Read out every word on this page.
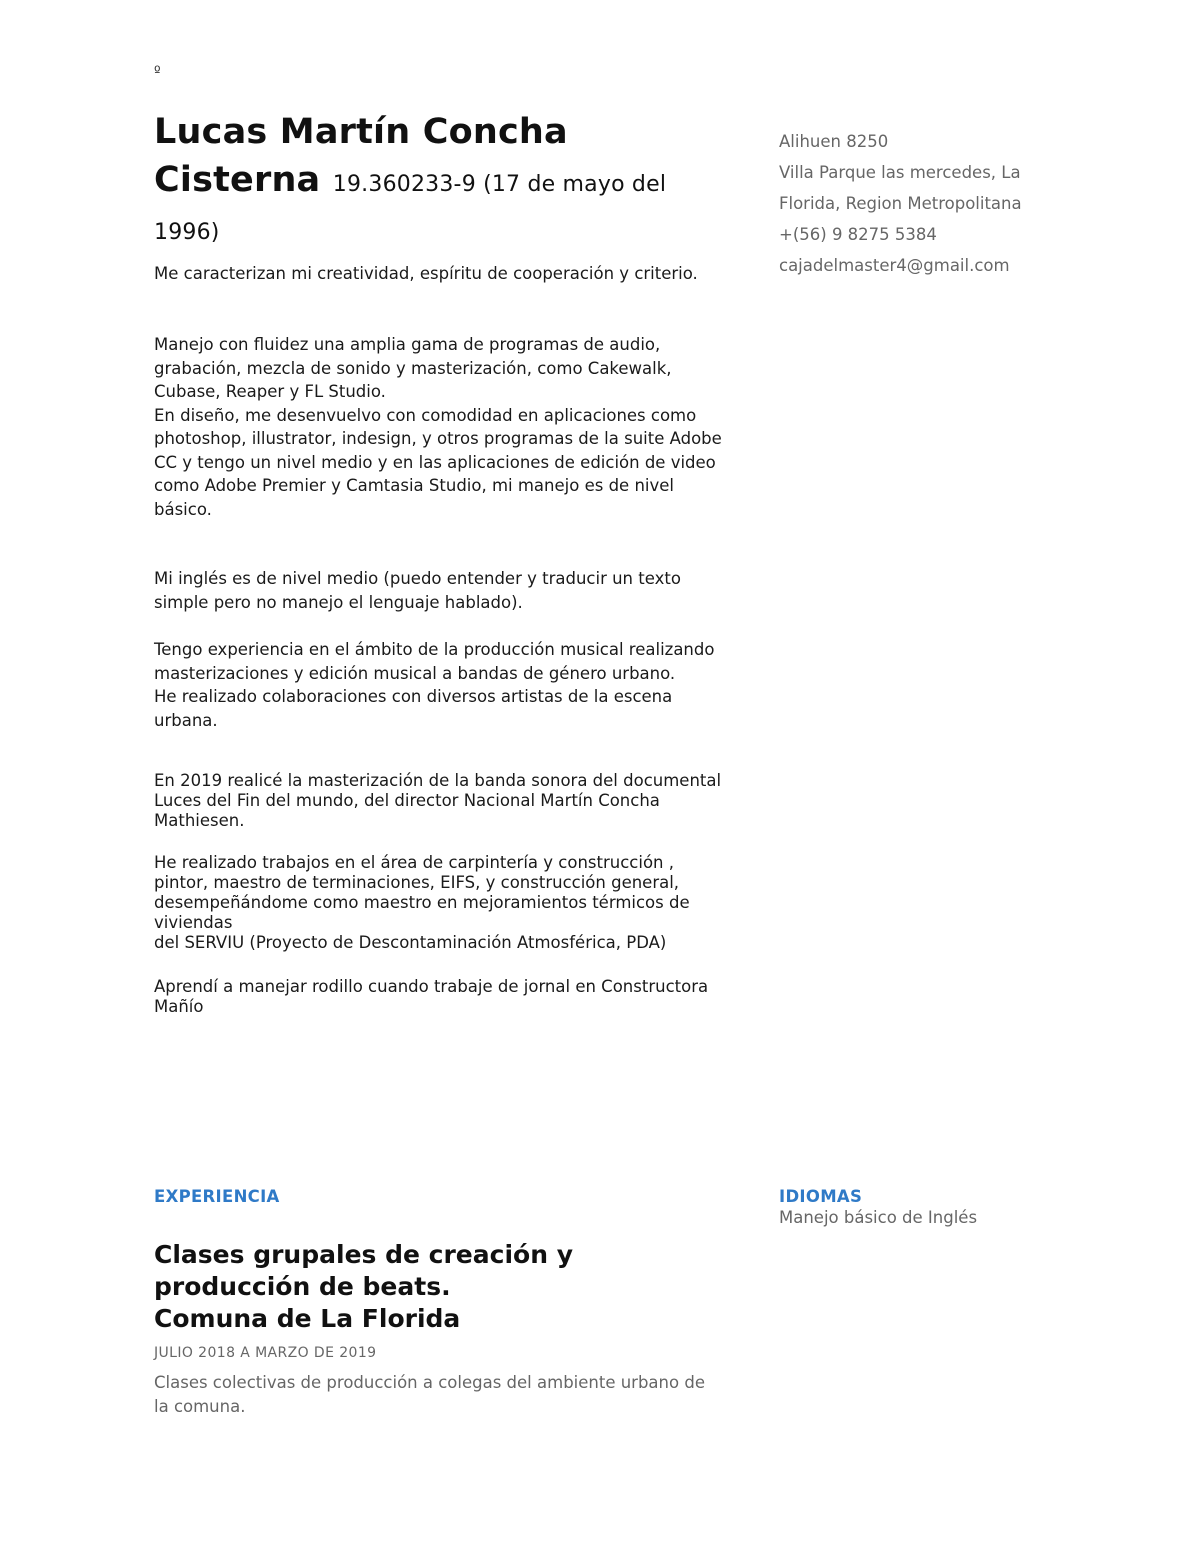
º
Lucas Martín Concha
Cisterna 19.360233-9 (17 de mayo del 1996)
Alihuen 8250
Villa Parque las mercedes, La
Florida, Region Metropolitana
+(56) 9 8275 5384
cajadelmaster4@gmail.com

Me caracterizan mi creatividad, espíritu de cooperación y criterio.

Manejo con fluidez una amplia gama de programas de audio, grabación, mezcla de sonido y masterización, como Cakewalk, Cubase, Reaper y FL Studio.

En diseño, me desenvuelvo con comodidad en aplicaciones como photoshop, illustrator, indesign, y otros programas de la suite Adobe CC y tengo un nivel medio y en las aplicaciones de edición de video como Adobe Premier y Camtasia Studio, mi manejo es de nivel básico.

Mi inglés es de nivel medio (puedo entender y traducir un texto simple pero no manejo el lenguaje hablado).

Tengo experiencia en el ámbito de la producción musical realizando masterizaciones y edición musical a bandas de género urbano.

He realizado colaboraciones con diversos artistas de la escena urbana.

En 2019 realicé la masterización de la banda sonora del documental Luces del Fin del mundo, del director Nacional Martín Concha Mathiesen.

He realizado trabajos en el área de carpintería y construcción , pintor, maestro de terminaciones, EIFS, y construcción general, desempeñándome como maestro en mejoramientos térmicos de viviendas

del SERVIU (Proyecto de Descontaminación Atmosférica, PDA)

Aprendí a manejar rodillo cuando trabaje de jornal en Constructora Mañío

EXPERIENCIA
Clases grupales de creación y
producción de beats.
Comuna de La Florida
JULIO 2018 A MARZO DE 2019
Clases colectivas de producción a colegas del ambiente urbano de la comuna.
IDIOMAS
Manejo básico de Inglés
